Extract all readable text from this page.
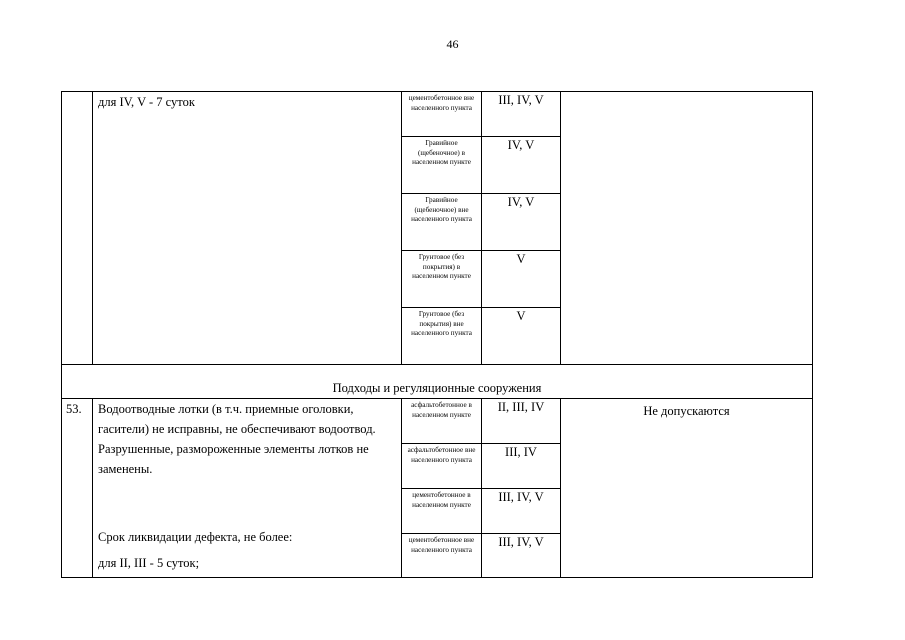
46
	для IV, V - 7 суток	цементобетонное вне населенного пункта	III, IV, V	
		Гравийное (щебеночное) в населенном пункте	IV, V	
		Гравийное (щебеночное) вне населенного пункта	IV, V	
		Грунтовое (без покрытия) в населенном пункте	V	
		Грунтовое (без покрытия) вне населенного пункта	V	
Подходы и регуляционные сооружения				
53.	Водоотводные лотки (в т.ч. приемные оголовки, гасители) не исправны, не обеспечивают водоотвод. Разрушенные, размороженные элементы лотков не заменены.
Срок ликвидации дефекта, не более:
для II, III - 5 суток;	асфальтобетонное в населенном пункте	II, III, IV	Не допускаются
		асфальтобетонное вне населенного пункта	III, IV	
		цементобетонное в населенном пункте	III, IV, V	
		цементобетонное вне населенного пункта	III, IV, V	
